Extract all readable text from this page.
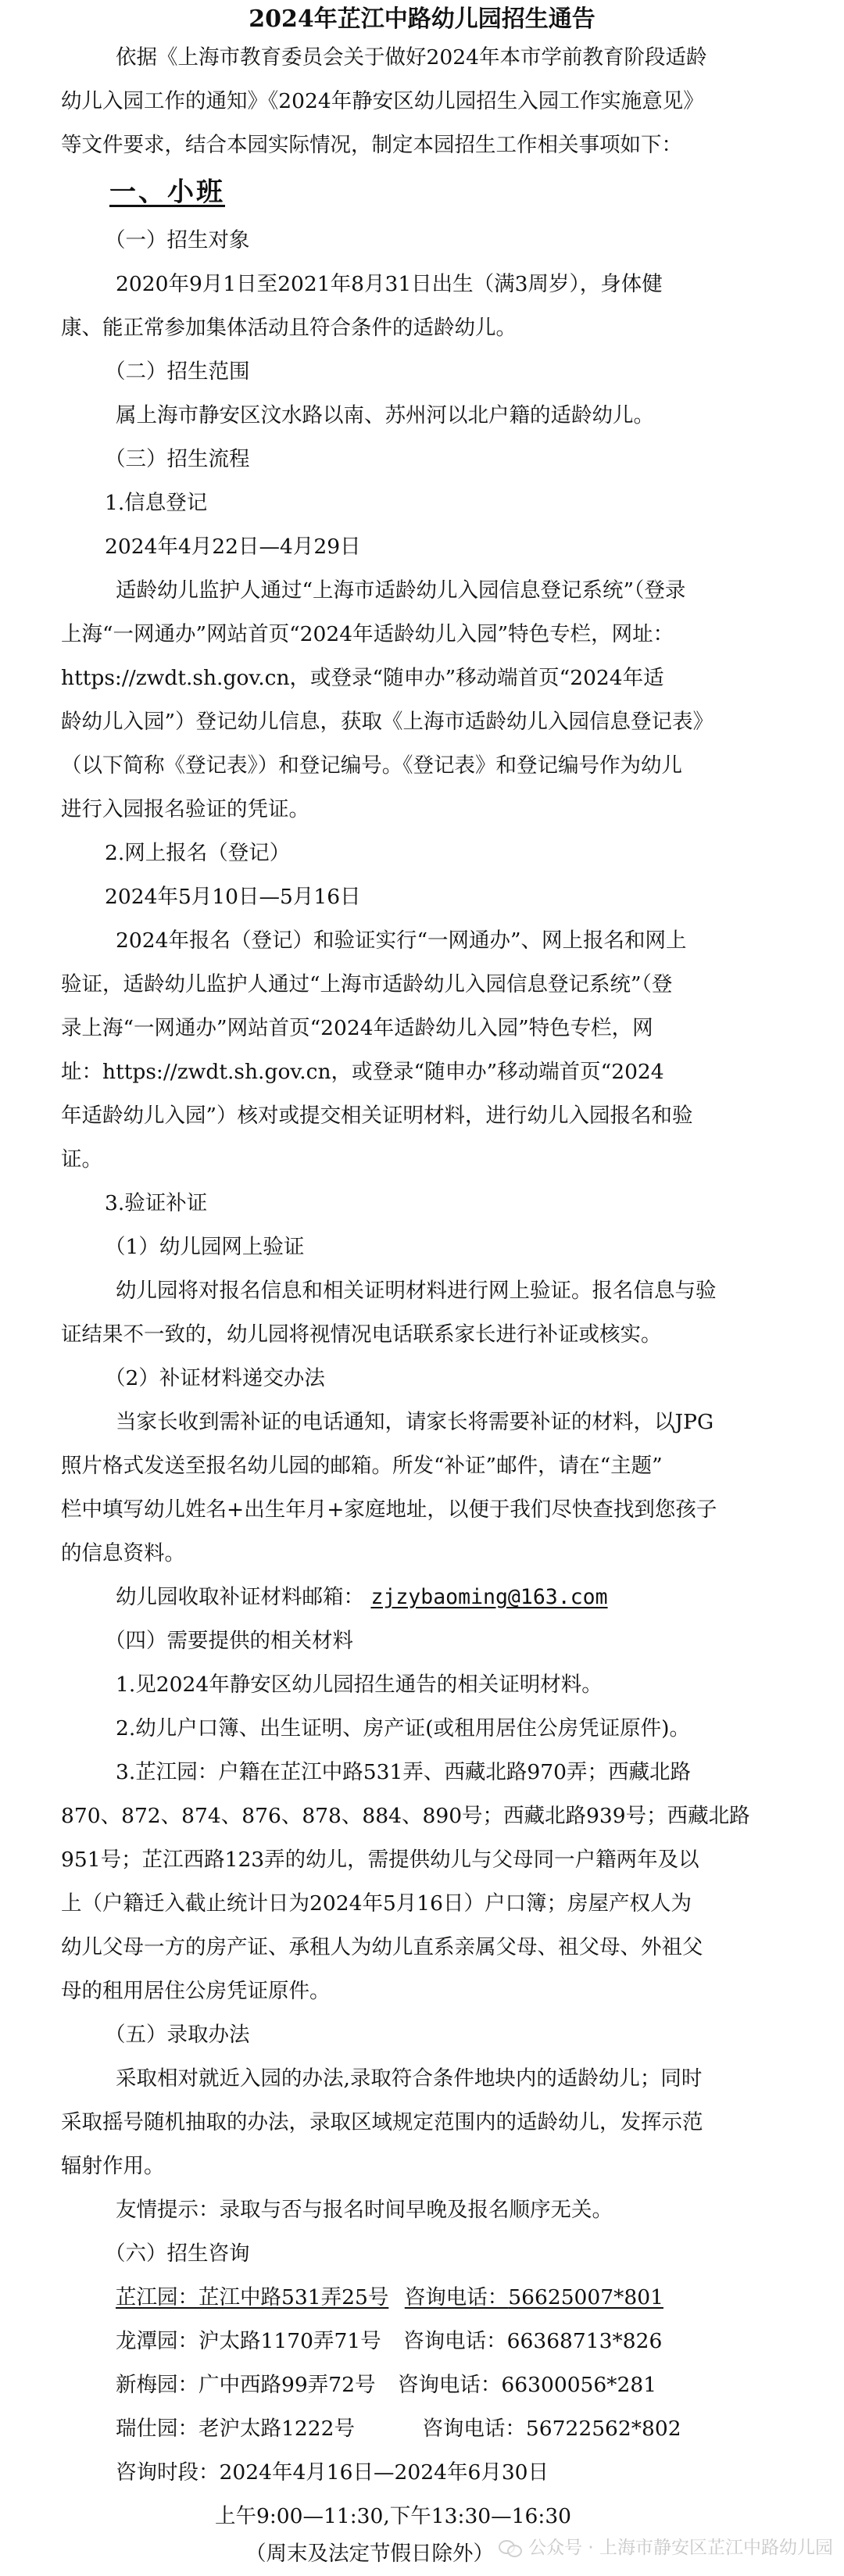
2024年芷江中路幼儿园招生通告
依据《上海市教育委员会关于做好2024年本市学前教育阶段适龄
幼儿入园工作的通知》《2024年静安区幼儿园招生入园工作实施意见》
等文件要求，结合本园实际情况，制定本园招生工作相关事项如下：
一、小班
（一）招生对象
2020年9月1日至2021年8月31日出生（满3周岁），身体健
康、能正常参加集体活动且符合条件的适龄幼儿。
（二）招生范围
属上海市静安区汶水路以南、苏州河以北户籍的适龄幼儿。
（三）招生流程
1.信息登记
2024年4月22日—4月29日
适龄幼儿监护人通过“上海市适龄幼儿入园信息登记系统”（登录
上海“一网通办”网站首页“2024年适龄幼儿入园”特色专栏，网址：
https://zwdt.sh.gov.cn，或登录“随申办”移动端首页“2024年适
龄幼儿入园”）登记幼儿信息，获取《上海市适龄幼儿入园信息登记表》
（以下简称《登记表》）和登记编号。《登记表》和登记编号作为幼儿
进行入园报名验证的凭证。
2.网上报名（登记）
2024年5月10日—5月16日
2024年报名（登记）和验证实行“一网通办”、网上报名和网上
验证，适龄幼儿监护人通过“上海市适龄幼儿入园信息登记系统”（登
录上海“一网通办”网站首页“2024年适龄幼儿入园”特色专栏，网
址：https://zwdt.sh.gov.cn，或登录“随申办”移动端首页“2024
年适龄幼儿入园”）核对或提交相关证明材料，进行幼儿入园报名和验
证。
3.验证补证
（1）幼儿园网上验证
幼儿园将对报名信息和相关证明材料进行网上验证。报名信息与验
证结果不一致的，幼儿园将视情况电话联系家长进行补证或核实。
（2）补证材料递交办法
当家长收到需补证的电话通知，请家长将需要补证的材料，以JPG
照片格式发送至报名幼儿园的邮箱。所发“补证”邮件，请在“主题”
栏中填写幼儿姓名+出生年月+家庭地址，以便于我们尽快查找到您孩子
的信息资料。
幼儿园收取补证材料邮箱： zjzybaoming@163.com
（四）需要提供的相关材料
1.见2024年静安区幼儿园招生通告的相关证明材料。
2.幼儿户口簿、出生证明、房产证(或租用居住公房凭证原件)。
3.芷江园：户籍在芷江中路531弄、西藏北路970弄；西藏北路
870、872、874、876、878、884、890号；西藏北路939号；西藏北路
951号；芷江西路123弄的幼儿，需提供幼儿与父母同一户籍两年及以
上（户籍迁入截止统计日为2024年5月16日）户口簿；房屋产权人为
幼儿父母一方的房产证、承租人为幼儿直系亲属父母、祖父母、外祖父
母的租用居住公房凭证原件。
（五）录取办法
采取相对就近入园的办法,录取符合条件地块内的适龄幼儿；同时
采取摇号随机抽取的办法，录取区域规定范围内的适龄幼儿，发挥示范
辐射作用。
友情提示：录取与否与报名时间早晚及报名顺序无关。
（六）招生咨询
芷江园：芷江中路531弄25号 咨询电话：56625007*801
龙潭园：沪太路1170弄71号 咨询电话：66368713*826
新梅园：广中西路99弄72号 咨询电话：66300056*281
瑞仕园：老沪太路1222号	咨询电话：56722562*802
咨询时段：2024年4月16日—2024年6月30日
上午9:00—11:30,下午13:30—16:30
（周末及法定节假日除外）	公众号 · 上海市静安区芷江中路幼儿园
